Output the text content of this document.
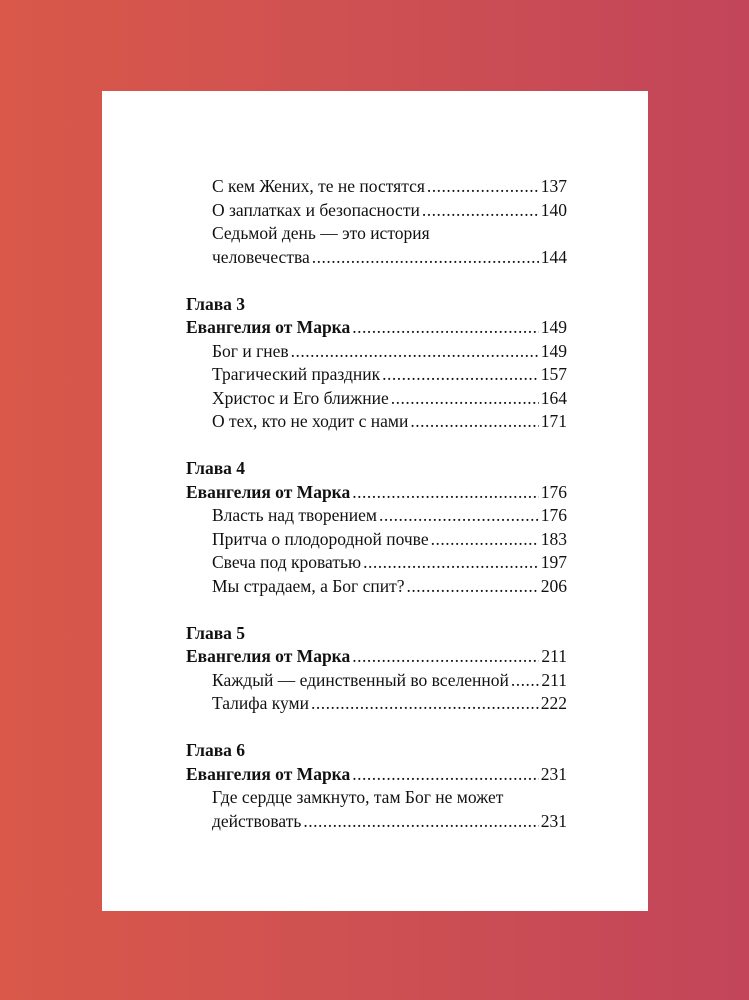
С кем Жених, те не постятся .....	137
О заплатках и безопасности .....	140
Седьмой день — это история
человечества .....	144
Глава 3
Евангелия от Марка .....	149
Бог и гнев .....	149
Трагический праздник .....	157
Христос и Его ближние .....	164
О тех, кто не ходит с нами .....	171
Глава 4
Евангелия от Марка .....	176
Власть над творением .....	176
Притча о плодородной почве .....	183
Свеча под кроватью .....	197
Мы страдаем, а Бог спит? .....	206
Глава 5
Евангелия от Марка .....	211
Каждый — единственный во вселенной ..... 211
Талифа куми .....	222
Глава 6
Евангелия от Марка .....	231
Где сердце замкнуто, там Бог не может
действовать .....	231
